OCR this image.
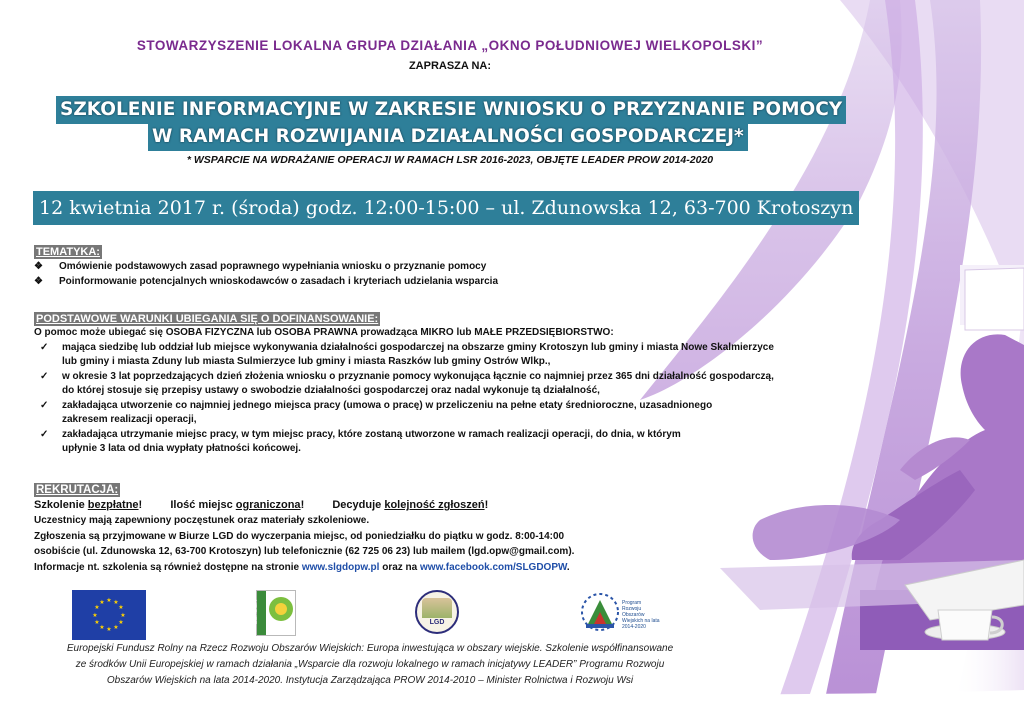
STOWARZYSZENIE LOKALNA GRUPA DZIAŁANIA „OKNO POŁUDNIOWEJ WIELKOPOLSKI”
ZAPRASZA NA:
SZKOLENIE INFORMACYJNE W ZAKRESIE WNIOSKU O PRZYZNANIE POMOCY
W RAMACH ROZWIJANIA DZIAŁALNOŚCI GOSPODARCZEJ*
* WSPARCIE NA WDRAŻANIE OPERACJI W RAMACH LSR 2016-2023, OBJĘTE LEADER PROW 2014-2020
12 kwietnia 2017 r. (środa) godz. 12:00-15:00 – ul. Zdunowska 12, 63-700 Krotoszyn
TEMATYKA:
❖ Omówienie podstawowych zasad poprawnego wypełniania wniosku o przyznanie pomocy
❖ Poinformowanie potencjalnych wnioskodawców o zasadach i kryteriach udzielania wsparcia
PODSTAWOWE WARUNKI UBIEGANIA SIĘ O DOFINANSOWANIE:
O pomoc może ubiegać się OSOBA FIZYCZNA lub OSOBA PRAWNA prowadząca MIKRO lub MAŁE PRZEDSIĘBIORSTWO:
✓ mająca siedzibę lub oddział lub miejsce wykonywania działalności gospodarczej na obszarze gminy Krotoszyn lub gminy i miasta Nowe Skalmierzyce
lub gminy i miasta Zduny lub miasta Sulmierzyce lub gminy i miasta Raszków lub gminy Ostrów Wlkp.,
✓ w okresie 3 lat poprzedzających dzień złożenia wniosku o przyznanie pomocy wykonująca łącznie co najmniej przez 365 dni działalność gospodarczą,
do której stosuje się przepisy ustawy o swobodzie działalności gospodarczej oraz nadal wykonuje tą działalność,
✓ zakładająca utworzenie co najmniej jednego miejsca pracy (umowa o pracę) w przeliczeniu na pełne etaty średnioroczne, uzasadnionego
zakresem realizacji operacji,
✓ zakładająca utrzymanie miejsc pracy, w tym miejsc pracy, które zostaną utworzone w ramach realizacji operacji, do dnia, w którym
upłynie 3 lata od dnia wypłaty płatności końcowej.
REKRUTACJA:
Szkolenie bezpłatne!	Ilość miejsc ograniczona!	Decyduje kolejność zgłoszeń!
Uczestnicy mają zapewniony poczęstunek oraz materiały szkoleniowe.
Zgłoszenia są przyjmowane w Biurze LGD do wyczerpania miejsc, od poniedziałku do piątku w godz. 8:00-14:00
osobiście (ul. Zdunowska 12, 63-700 Krotoszyn) lub telefonicznie (62 725 06 23) lub mailem (lgd.opw@gmail.com).
Informacje nt. szkolenia są również dostępne na stronie www.slgdopw.pl oraz na www.facebook.com/SLGDOPW.
★ ★
★
★
★
★
★
★
★
★
★
★	LEADER	LGD
Program Rozwoju Obszarów Wiejskich na lata 2014-2020
Europejski Fundusz Rolny na Rzecz Rozwoju Obszarów Wiejskich: Europa inwestująca w obszary wiejskie. Szkolenie współfinansowane
ze środków Unii Europejskiej w ramach działania „Wsparcie dla rozwoju lokalnego w ramach inicjatywy LEADER” Programu Rozwoju
Obszarów Wiejskich na lata 2014-2020. Instytucja Zarządzająca PROW 2014-2010 – Minister Rolnictwa i Rozwoju Wsi
